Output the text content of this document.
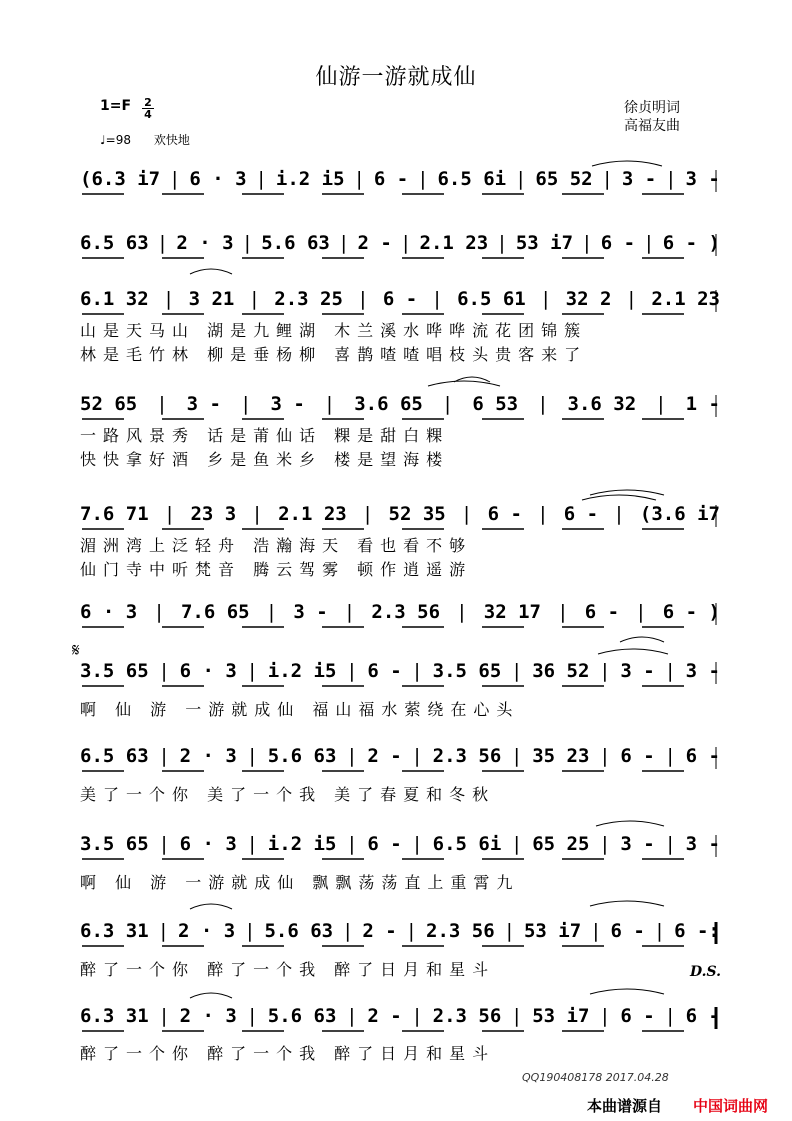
仙游一游就成仙
1=F 2
4
♩=98 欢快地
徐贞明词
高福友曲
(6.3 i7 | 6 · 3 | i.2 i5 | 6 - | 6.5 6i | 65 52 | 3 - | 3 -
6.5 63 | 2 · 3 | 5.6 63 | 2 - | 2.1 23 | 53 i7 | 6 - | 6 - )
6.1 32 | 3 21 | 2.3 25 | 6 - | 6.5 61 | 32 2 | 2.1 23
山是天马山 湖是九鲤湖 木兰溪水哗哗流花团锦簇
林是毛竹林 柳是垂杨柳 喜鹊喳喳唱枝头贵客来了
52 65 | 3 - | 3 - | 3.6 65 | 6 53 | 3.6 32 | 1 -
一路风景秀 话是莆仙话 粿是甜白粿
快快拿好酒 乡是鱼米乡 楼是望海楼
7.6 71 | 23 3 | 2.1 23 | 52 35 | 6 - | 6 - | (3.6 i7
湄洲湾上泛轻舟 浩瀚海天 看也看不够
仙门寺中听梵音 腾云驾雾 顿作逍遥游
6 · 3 | 7.6 65 | 3 - | 2.3 56 | 32 17 | 6 - | 6 - )
3.5 65 | 6 · 3 | i.2 i5 | 6 - | 3.5 65 | 36 52 | 3 - | 3 -
啊 仙 游 一游就成仙 福山福水萦绕在心头
6.5 63 | 2 · 3 | 5.6 63 | 2 - | 2.3 56 | 35 23 | 6 - | 6 -
美了一个你 美了一个我 美了春夏和冬秋
3.5 65 | 6 · 3 | i.2 i5 | 6 - | 6.5 6i | 65 25 | 3 - | 3 -
啊 仙 游 一游就成仙 飘飘荡荡直上重霄九
6.3 31 | 2 · 3 | 5.6 63 | 2 - | 2.3 56 | 53 i7 | 6 - | 6 -:
醉了一个你 醉了一个我 醉了日月和星斗
6.3 31 | 2 · 3 | 5.6 63 | 2 - | 2.3 56 | 53 i7 | 6 - | 6 -
醉了一个你 醉了一个我 醉了日月和星斗
𝄋
D.S.
QQ190408178 2017.04.28
本曲谱源自 中国词曲网
